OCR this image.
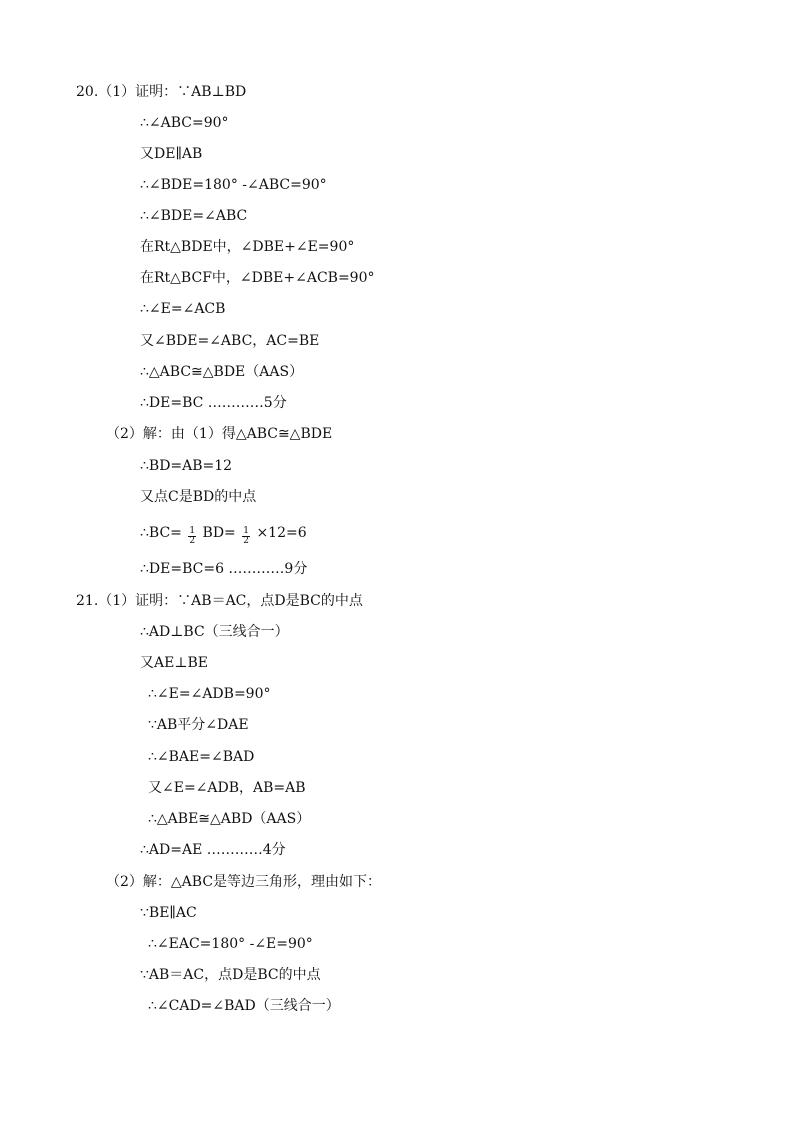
20.（1）证明：∵AB⊥BD
∴∠ABC=90°
又DE∥AB
∴∠BDE=180° -∠ABC=90°
∴∠BDE=∠ABC
在Rt△BDE中，∠DBE+∠E=90°
在Rt△BCF中，∠DBE+∠ACB=90°
∴∠E=∠ACB
又∠BDE=∠ABC，AC=BE
∴△ABC≅△BDE（AAS）
∴DE=BC …………5分
（2）解：由（1）得△ABC≅△BDE
∴BD=AB=12
又点C是BD的中点
∴BC= $\frac{1}{2} BD= \frac{1}{2} \times 12=6$
∴DE=BC=6 …………9分
21.（1）证明：∵AB＝AC，点D是BC的中点
∴AD⊥BC（三线合一）
又AE⊥BE
∴∠E=∠ADB=90°
∵AB平分∠DAE
∴∠BAE=∠BAD
又∠E=∠ADB，AB=AB
∴△ABE≅△ABD（AAS）
∴AD=AE …………4分
（2）解：△ABC是等边三角形，理由如下：
∵BE∥AC
∴∠EAC=180° -∠E=90°
∵AB＝AC，点D是BC的中点
∴∠CAD=∠BAD（三线合一）
